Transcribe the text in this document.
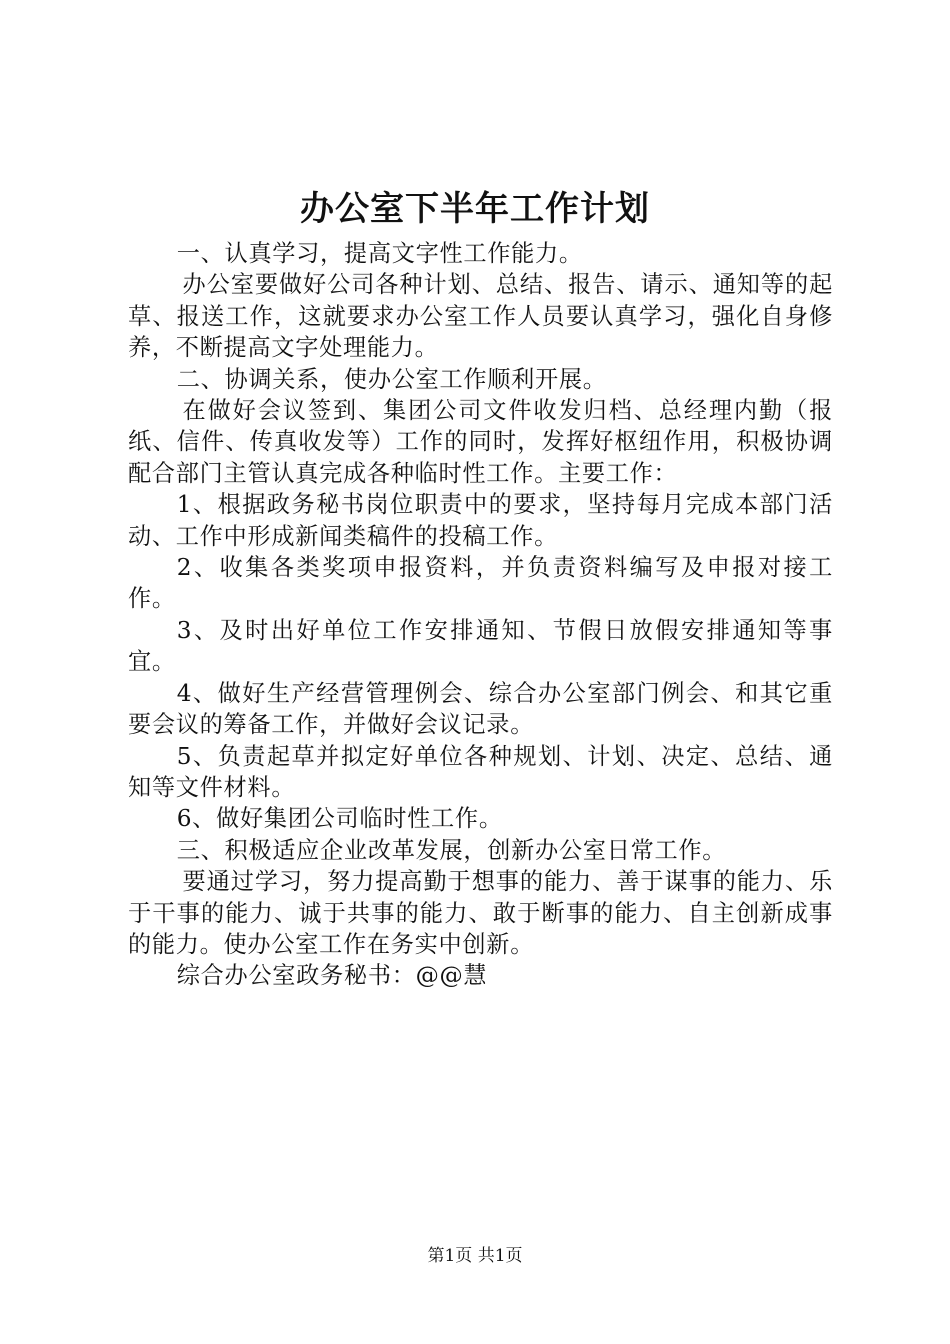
办公室下半年工作计划

一、认真学习，提高文字性工作能力。

办公室要做好公司各种计划、总结、报告、请示、通知等的起草、报送工作，这就要求办公室工作人员要认真学习，强化自身修养，不断提高文字处理能力。

二、协调关系，使办公室工作顺利开展。

在做好会议签到、集团公司文件收发归档、总经理内勤（报纸、信件、传真收发等）工作的同时，发挥好枢纽作用，积极协调配合部门主管认真完成各种临时性工作。主要工作：

1、根据政务秘书岗位职责中的要求，坚持每月完成本部门活动、工作中形成新闻类稿件的投稿工作。

2、收集各类奖项申报资料，并负责资料编写及申报对接工作。

3、及时出好单位工作安排通知、节假日放假安排通知等事宜。

4、做好生产经营管理例会、综合办公室部门例会、和其它重要会议的筹备工作，并做好会议记录。

5、负责起草并拟定好单位各种规划、计划、决定、总结、通知等文件材料。

6、做好集团公司临时性工作。

三、积极适应企业改革发展，创新办公室日常工作。

要通过学习，努力提高勤于想事的能力、善于谋事的能力、乐于干事的能力、诚于共事的能力、敢于断事的能力、自主创新成事的能力。使办公室工作在务实中创新。

综合办公室政务秘书：@@慧

第1页 共1页
